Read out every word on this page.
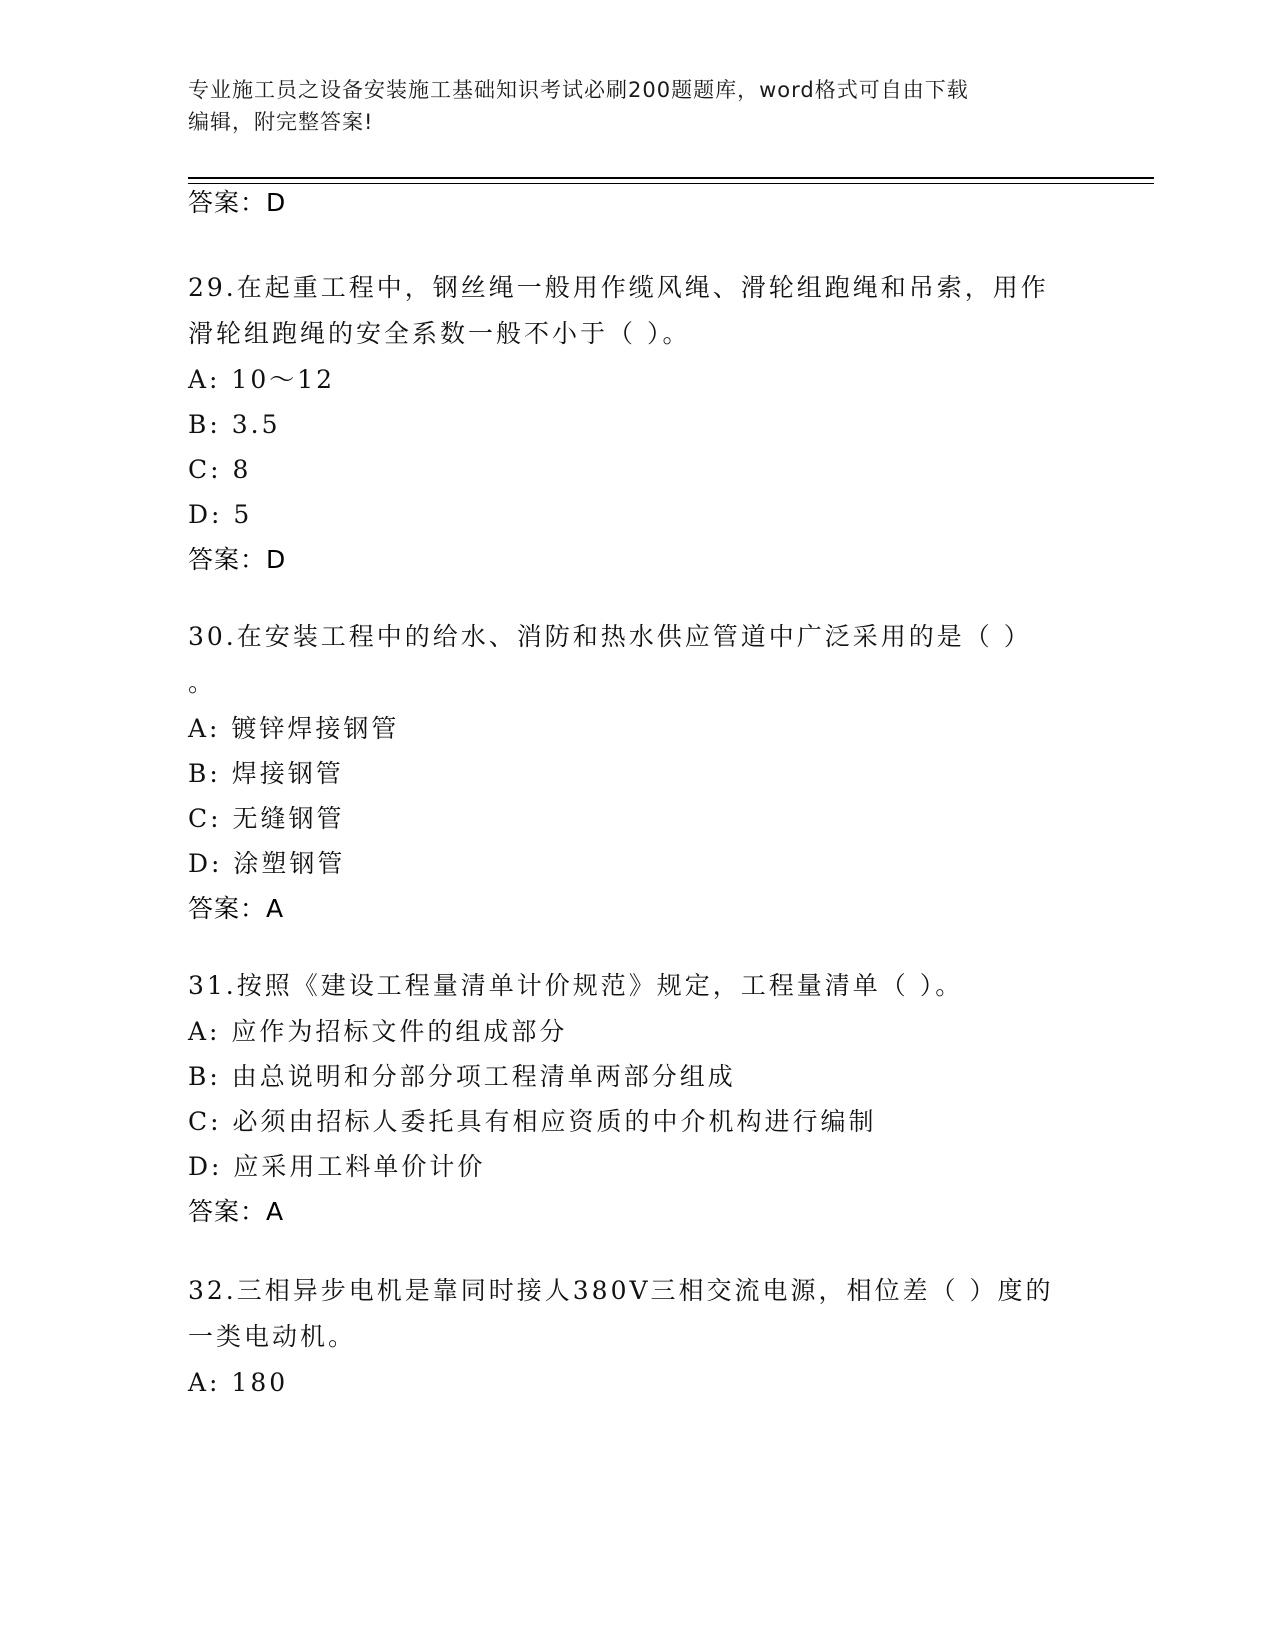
专业施工员之设备安装施工基础知识考试必刷200题题库，word格式可自由下载
编辑，附完整答案!
答案：D
29.在起重工程中，钢丝绳一般用作缆风绳、滑轮组跑绳和吊索，用作
滑轮组跑绳的安全系数一般不小于（ ）。
A: 10～12
B: 3.5
C: 8
D: 5
答案：D
30.在安装工程中的给水、消防和热水供应管道中广泛采用的是（ ）
。
A: 镀锌焊接钢管
B: 焊接钢管
C: 无缝钢管
D: 涂塑钢管
答案：A
31.按照《建设工程量清单计价规范》规定，工程量清单（ ）。
A: 应作为招标文件的组成部分
B: 由总说明和分部分项工程清单两部分组成
C: 必须由招标人委托具有相应资质的中介机构进行编制
D: 应采用工料单价计价
答案：A
32.三相异步电机是靠同时接人380V三相交流电源，相位差（ ）度的
一类电动机。
A: 180
